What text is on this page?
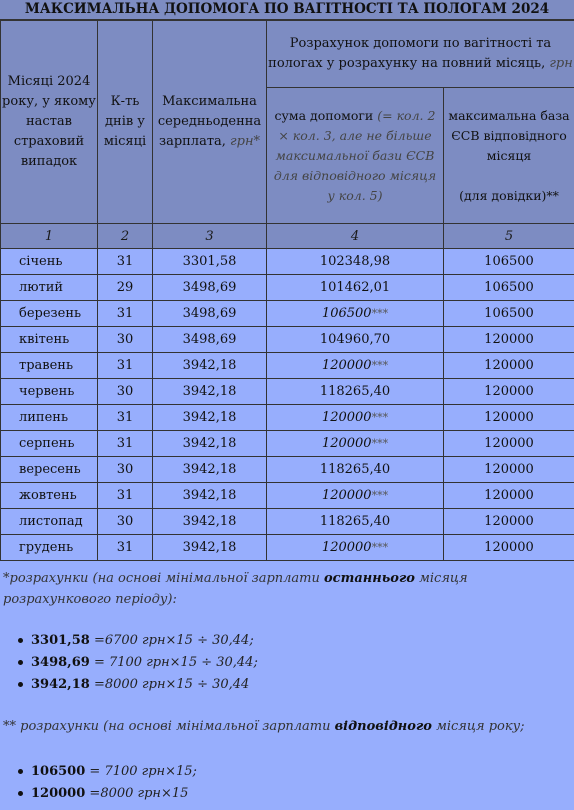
МАКСИМАЛЬНА ДОПОМОГА ПО ВАГІТНОСТІ ТА ПОЛОГАМ 2024
Місяці 2024 року, у якому настав страховий випадок	К-ть днів у місяці	Максимальна середньоденна зарплата, грн*	Розрахунок допомоги по вагітності та пологах у розрахунку на повний місяць, грн	
			сума допомоги (= кол. 2 × кол. 3, але не більше максимальної бази ЄСВ для відповідного місяця у кол. 5)	максимальна база ЄСВ відповідного місяця

(для довідки)**
1	2	3	4	5
січень	31	3301,58	102348,98	106500
лютий	29	3498,69	101462,01	106500
березень	31	3498,69	106500***	106500
квітень	30	3498,69	104960,70	120000
травень	31	3942,18	120000***	120000
червень	30	3942,18	118265,40	120000
липень	31	3942,18	120000***	120000
серпень	31	3942,18	120000***	120000
вересень	30	3942,18	118265,40	120000
жовтень	31	3942,18	120000***	120000
листопад	30	3942,18	118265,40	120000
грудень	31	3942,18	120000***	120000
*розрахунки (на основі мінімальної зарплати останнього місяця розрахункового періоду):
3301,58 =6700 грн×15 ÷ 30,44;
3498,69 = 7100 грн×15 ÷ 30,44;
3942,18 =8000 грн×15 ÷ 30,44
** розрахунки (на основі мінімальної зарплати відповідного місяця року;
106500 = 7100 грн×15;
120000 =8000 грн×15
